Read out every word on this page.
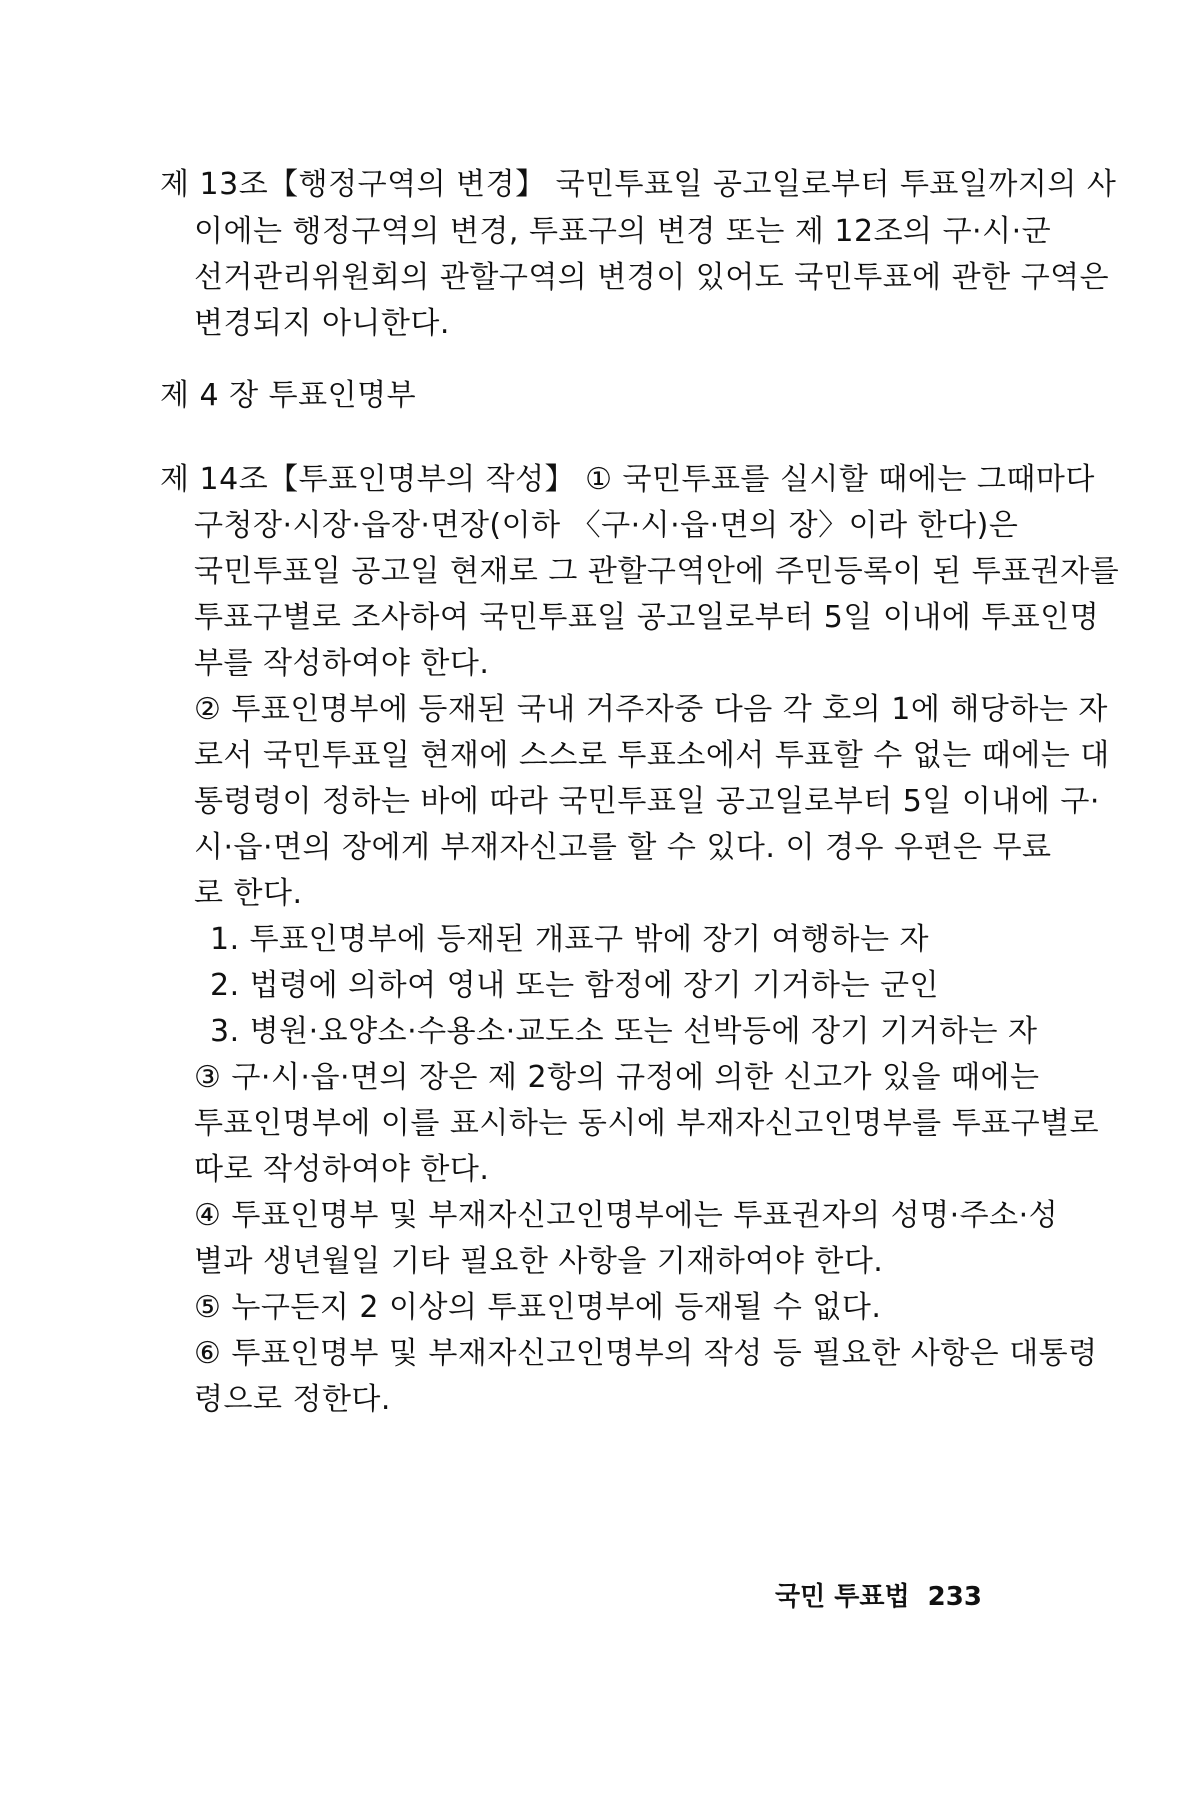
제 13조【행정구역의 변경】 국민투표일 공고일로부터 투표일까지의 사
이에는 행정구역의 변경, 투표구의 변경 또는 제 12조의 구·시·군
선거관리위원회의 관할구역의 변경이 있어도 국민투표에 관한 구역은
변경되지 아니한다.
제 4 장 투표인명부
제 14조【투표인명부의 작성】 ① 국민투표를 실시할 때에는 그때마다
구청장·시장·읍장·면장(이하 〈구·시·읍·면의 장〉이라 한다)은
국민투표일 공고일 현재로 그 관할구역안에 주민등록이 된 투표권자를
투표구별로 조사하여 국민투표일 공고일로부터 5일 이내에 투표인명
부를 작성하여야 한다.
② 투표인명부에 등재된 국내 거주자중 다음 각 호의 1에 해당하는 자
로서 국민투표일 현재에 스스로 투표소에서 투표할 수 없는 때에는 대
통령령이 정하는 바에 따라 국민투표일 공고일로부터 5일 이내에 구·
시·읍·면의 장에게 부재자신고를 할 수 있다. 이 경우 우편은 무료
로 한다.
1. 투표인명부에 등재된 개표구 밖에 장기 여행하는 자
2. 법령에 의하여 영내 또는 함정에 장기 기거하는 군인
3. 병원·요양소·수용소·교도소 또는 선박등에 장기 기거하는 자
③ 구·시·읍·면의 장은 제 2항의 규정에 의한 신고가 있을 때에는
투표인명부에 이를 표시하는 동시에 부재자신고인명부를 투표구별로
따로 작성하여야 한다.
④ 투표인명부 및 부재자신고인명부에는 투표권자의 성명·주소·성
별과 생년월일 기타 필요한 사항을 기재하여야 한다.
⑤ 누구든지 2 이상의 투표인명부에 등재될 수 없다.
⑥ 투표인명부 및 부재자신고인명부의 작성 등 필요한 사항은 대통령
령으로 정한다.
국민 투표법 233
